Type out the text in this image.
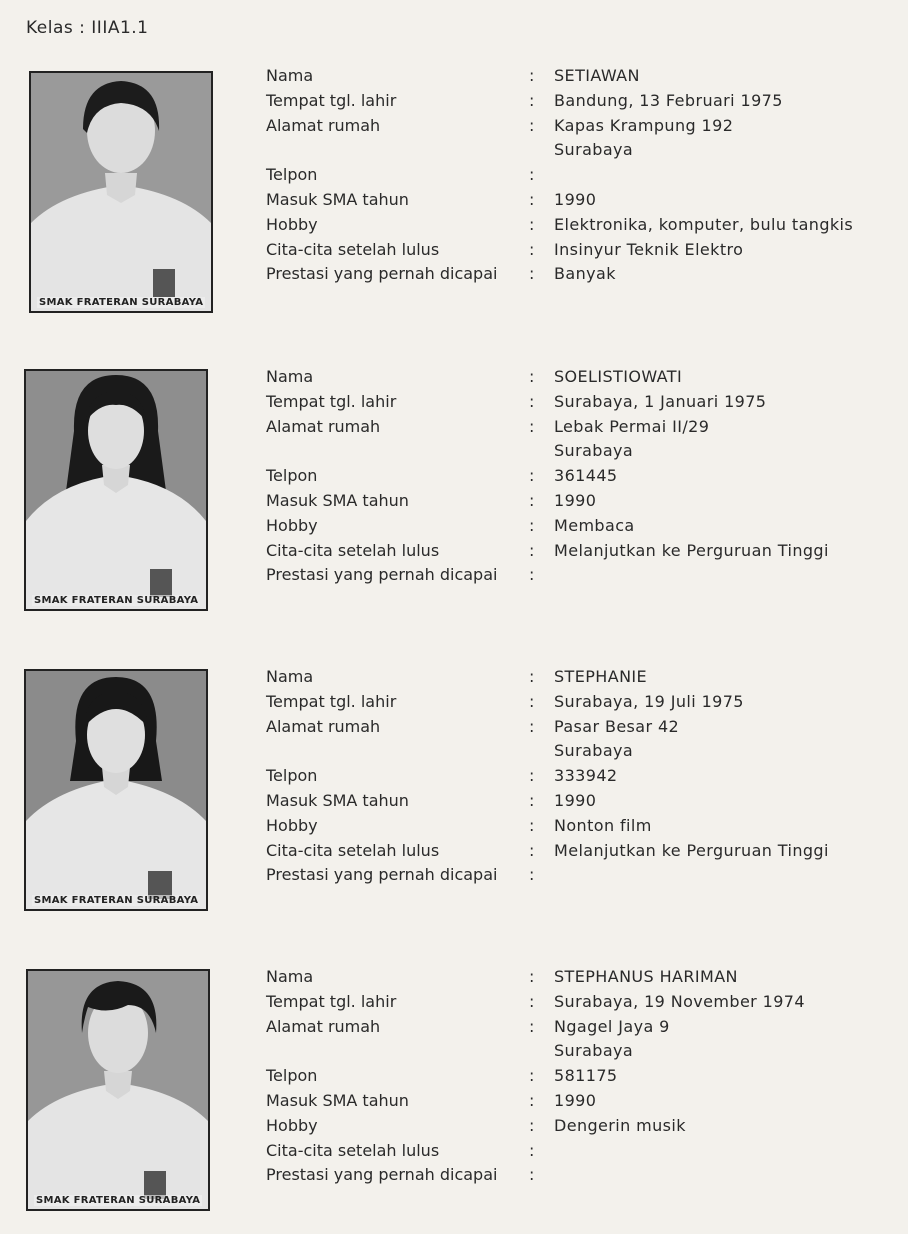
Kelas : IIIA1.1
SMAK FRATERAN SURABAYA
Nama	: SETIAWAN
Tempat tgl. lahir	: Bandung, 13 Februari 1975
Alamat rumah	: Kapas Krampung 192
Surabaya
Telpon	:
Masuk SMA tahun	: 1990
Hobby	: Elektronika, komputer, bulu tangkis
Cita-cita setelah lulus	: Insinyur Teknik Elektro
Prestasi yang pernah dicapai : Banyak
SMAK FRATERAN SURABAYA
Nama	: SOELISTIOWATI
Tempat tgl. lahir	: Surabaya, 1 Januari 1975
Alamat rumah	: Lebak Permai II/29
Surabaya
Telpon	: 361445
Masuk SMA tahun	: 1990
Hobby	: Membaca
Cita-cita setelah lulus	: Melanjutkan ke Perguruan Tinggi
Prestasi yang pernah dicapai :
SMAK FRATERAN SURABAYA
Nama	: STEPHANIE
Tempat tgl. lahir	: Surabaya, 19 Juli 1975
Alamat rumah	: Pasar Besar 42
Surabaya
Telpon	: 333942
Masuk SMA tahun	: 1990
Hobby	: Nonton film
Cita-cita setelah lulus	: Melanjutkan ke Perguruan Tinggi
Prestasi yang pernah dicapai :
SMAK FRATERAN SURABAYA
Nama	: STEPHANUS HARIMAN
Tempat tgl. lahir	: Surabaya, 19 November 1974
Alamat rumah	: Ngagel Jaya 9
Surabaya
Telpon	: 581175
Masuk SMA tahun	: 1990
Hobby	: Dengerin musik
Cita-cita setelah lulus	:
Prestasi yang pernah dicapai :
